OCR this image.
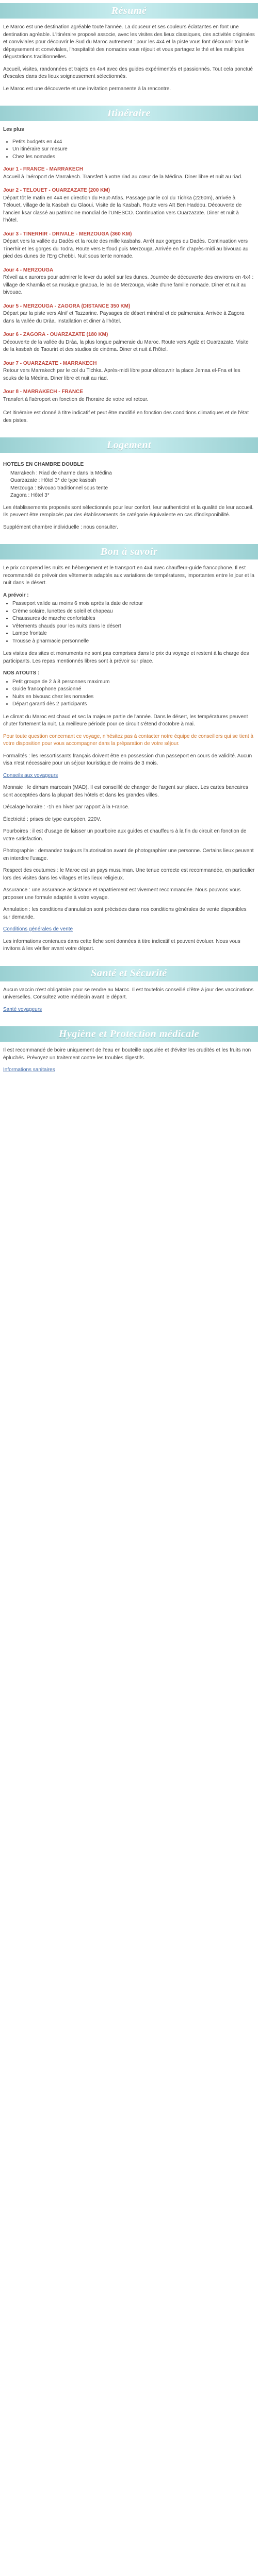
Résumé

Le Maroc est une destination agréable toute l'année. La douceur et ses couleurs éclatantes en font une destination agréable. L'itinéraire proposé associe, avec les visites des lieux classiques, des activités originales et conviviales pour découvrir le Sud du Maroc autrement : pour les 4x4 et la piste vous font découvrir tout le dépaysement et conviviales, l'hospitalité des nomades vous réjouit et vous partagez le thé et les multiples dégustations traditionnelles.

Accueil, visites, randonnées et trajets en 4x4 avec des guides expérimentés et passionnés. Tout cela ponctué d'escales dans des lieux soigneusement sélectionnés.

Le Maroc est une découverte et une invitation permanente à la rencontre.

Itinéraire

Les plus

• Petits budgets en 4x4
• Un itinéraire sur mesure
• Chez les nomades

Jour 1 - FRANCE - MARRAKECH

Accueil à l'aéroport de Marrakech. Transfert à votre riad au cœur de la Médina. Diner libre et nuit au riad.

Jour 2 - TELOUET - OUARZAZATE (200 KM)

Départ tôt le matin en 4x4 en direction du Haut-Atlas. Passage par le col du Tichka (2260m), arrivée à Télouet, village de la Kasbah du Glaoui. Visite de la Kasbah. Route vers Aït Ben Haddou. Découverte de l'ancien ksar classé au patrimoine mondial de l'UNESCO. Continuation vers Ouarzazate. Diner et nuit à l'hôtel.

Jour 3 - TINERHIR - DRIVALE - MERZOUGA (360 KM)

Départ vers la vallée du Dadès et la route des mille kasbahs. Arrêt aux gorges du Dadès. Continuation vers Tinerhir et les gorges du Todra. Route vers Erfoud puis Merzouga. Arrivée en fin d'après-midi au bivouac au pied des dunes de l'Erg Chebbi. Nuit sous tente nomade.

Jour 4 - MERZOUGA

Réveil aux aurores pour admirer le lever du soleil sur les dunes. Journée de découverte des environs en 4x4 : village de Khamlia et sa musique gnaoua, le lac de Merzouga, visite d'une famille nomade. Diner et nuit au bivouac.

Jour 5 - MERZOUGA - ZAGORA (DISTANCE 350 KM)

Départ par la piste vers Alnif et Tazzarine. Paysages de désert minéral et de palmeraies. Arrivée à Zagora dans la vallée du Drâa. Installation et diner à l'hôtel.

Jour 6 - ZAGORA - OUARZAZATE (180 KM)

Découverte de la vallée du Drâa, la plus longue palmeraie du Maroc. Route vers Agdz et Ouarzazate. Visite de la kasbah de Taourirt et des studios de cinéma. Diner et nuit à l'hôtel.

Jour 7 - OUARZAZATE - MARRAKECH

Retour vers Marrakech par le col du Tichka. Après-midi libre pour découvrir la place Jemaa el-Fna et les souks de la Médina. Diner libre et nuit au riad.

Jour 8 - MARRAKECH - FRANCE

Transfert à l'aéroport en fonction de l'horaire de votre vol retour.

Cet itinéraire est donné à titre indicatif et peut être modifié en fonction des conditions climatiques et de l'état des pistes.

Logement

HOTELS EN CHAMBRE DOUBLE

Marrakech : Riad de charme dans la Médina

Ouarzazate : Hôtel 3* de type kasbah

Merzouga : Bivouac traditionnel sous tente

Zagora : Hôtel 3*

Les établissements proposés sont sélectionnés pour leur confort, leur authenticité et la qualité de leur accueil. Ils peuvent être remplacés par des établissements de catégorie équivalente en cas d'indisponibilité.

Supplément chambre individuelle : nous consulter.

Bon à savoir

Le prix comprend les nuits en hébergement et le transport en 4x4 avec chauffeur-guide francophone. Il est recommandé de prévoir des vêtements adaptés aux variations de températures, importantes entre le jour et la nuit dans le désert.

A prévoir :

• Passeport valide au moins 6 mois après la date de retour
• Crème solaire, lunettes de soleil et chapeau
• Chaussures de marche confortables
• Vêtements chauds pour les nuits dans le désert
• Lampe frontale
• Trousse à pharmacie personnelle

Les visites des sites et monuments ne sont pas comprises dans le prix du voyage et restent à la charge des participants. Les repas mentionnés libres sont à prévoir sur place.

NOS ATOUTS :

• Petit groupe de 2 à 8 personnes maximum
• Guide francophone passionné
• Nuits en bivouac chez les nomades
• Départ garanti dès 2 participants

Le climat du Maroc est chaud et sec la majeure partie de l'année. Dans le désert, les températures peuvent chuter fortement la nuit. La meilleure période pour ce circuit s'étend d'octobre à mai.

Pour toute question concernant ce voyage, n'hésitez pas à contacter notre équipe de conseillers qui se tient à votre disposition pour vous accompagner dans la préparation de votre séjour.

Formalités : les ressortissants français doivent être en possession d'un passeport en cours de validité. Aucun visa n'est nécessaire pour un séjour touristique de moins de 3 mois.

Conseils aux voyageurs

Monnaie : le dirham marocain (MAD). Il est conseillé de changer de l'argent sur place. Les cartes bancaires sont acceptées dans la plupart des hôtels et dans les grandes villes.

Décalage horaire : -1h en hiver par rapport à la France.

Électricité : prises de type européen, 220V.

Pourboires : il est d'usage de laisser un pourboire aux guides et chauffeurs à la fin du circuit en fonction de votre satisfaction.

Photographie : demandez toujours l'autorisation avant de photographier une personne. Certains lieux peuvent en interdire l'usage.

Respect des coutumes : le Maroc est un pays musulman. Une tenue correcte est recommandée, en particulier lors des visites dans les villages et les lieux religieux.

Assurance : une assurance assistance et rapatriement est vivement recommandée. Nous pouvons vous proposer une formule adaptée à votre voyage.

Annulation : les conditions d'annulation sont précisées dans nos conditions générales de vente disponibles sur demande.

Conditions générales de vente

Les informations contenues dans cette fiche sont données à titre indicatif et peuvent évoluer. Nous vous invitons à les vérifier avant votre départ.

Santé et Sécurité

Aucun vaccin n'est obligatoire pour se rendre au Maroc. Il est toutefois conseillé d'être à jour des vaccinations universelles. Consultez votre médecin avant le départ.

Santé voyageurs

Hygiène et Protection médicale

Il est recommandé de boire uniquement de l'eau en bouteille capsulée et d'éviter les crudités et les fruits non épluchés. Prévoyez un traitement contre les troubles digestifs.

Informations sanitaires
